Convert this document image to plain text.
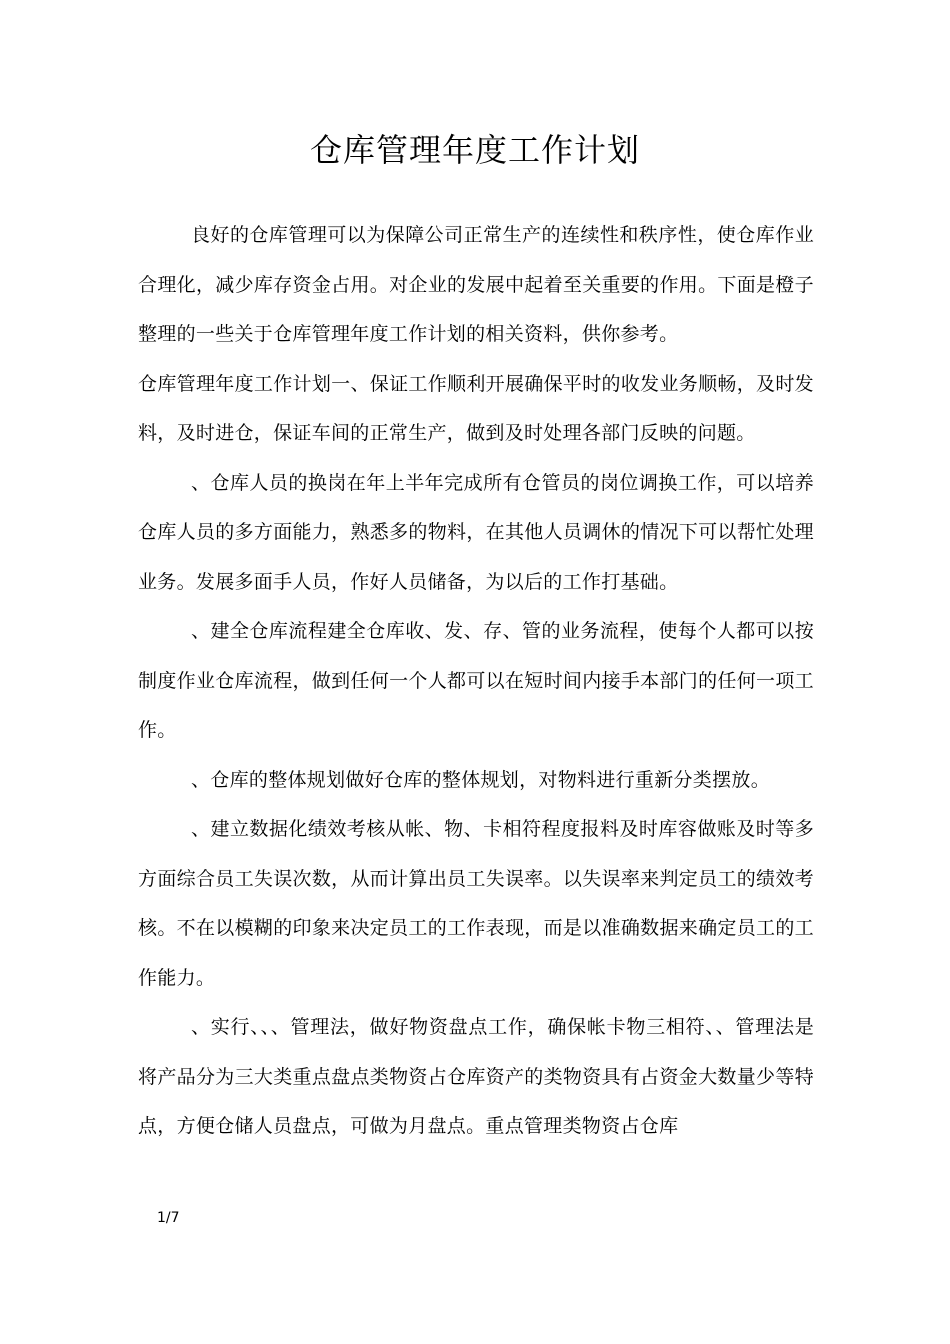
仓库管理年度工作计划

良好的仓库管理可以为保障公司正常生产的连续性和秩序性，使仓库作业合理化，减少库存资金占用。对企业的发展中起着至关重要的作用。下面是橙子整理的一些关于仓库管理年度工作计划的相关资料，供你参考。

仓库管理年度工作计划一、保证工作顺利开展确保平时的收发业务顺畅，及时发料，及时进仓，保证车间的正常生产，做到及时处理各部门反映的问题。

、仓库人员的换岗在年上半年完成所有仓管员的岗位调换工作，可以培养仓库人员的多方面能力，熟悉多的物料，在其他人员调休的情况下可以帮忙处理业务。发展多面手人员，作好人员储备，为以后的工作打基础。

、建全仓库流程建全仓库收、发、存、管的业务流程，使每个人都可以按制度作业仓库流程，做到任何一个人都可以在短时间内接手本部门的任何一项工作。

、仓库的整体规划做好仓库的整体规划，对物料进行重新分类摆放。

、建立数据化绩效考核从帐、物、卡相符程度报料及时库容做账及时等多方面综合员工失误次数，从而计算出员工失误率。以失误率来判定员工的绩效考核。不在以模糊的印象来决定员工的工作表现，而是以准确数据来确定员工的工作能力。

、实行、、、管理法，做好物资盘点工作，确保帐卡物三相符、、管理法是将产品分为三大类重点盘点类物资占仓库资产的类物资具有占资金大数量少等特点，方便仓储人员盘点，可做为月盘点。重点管理类物资占仓库

1/7
